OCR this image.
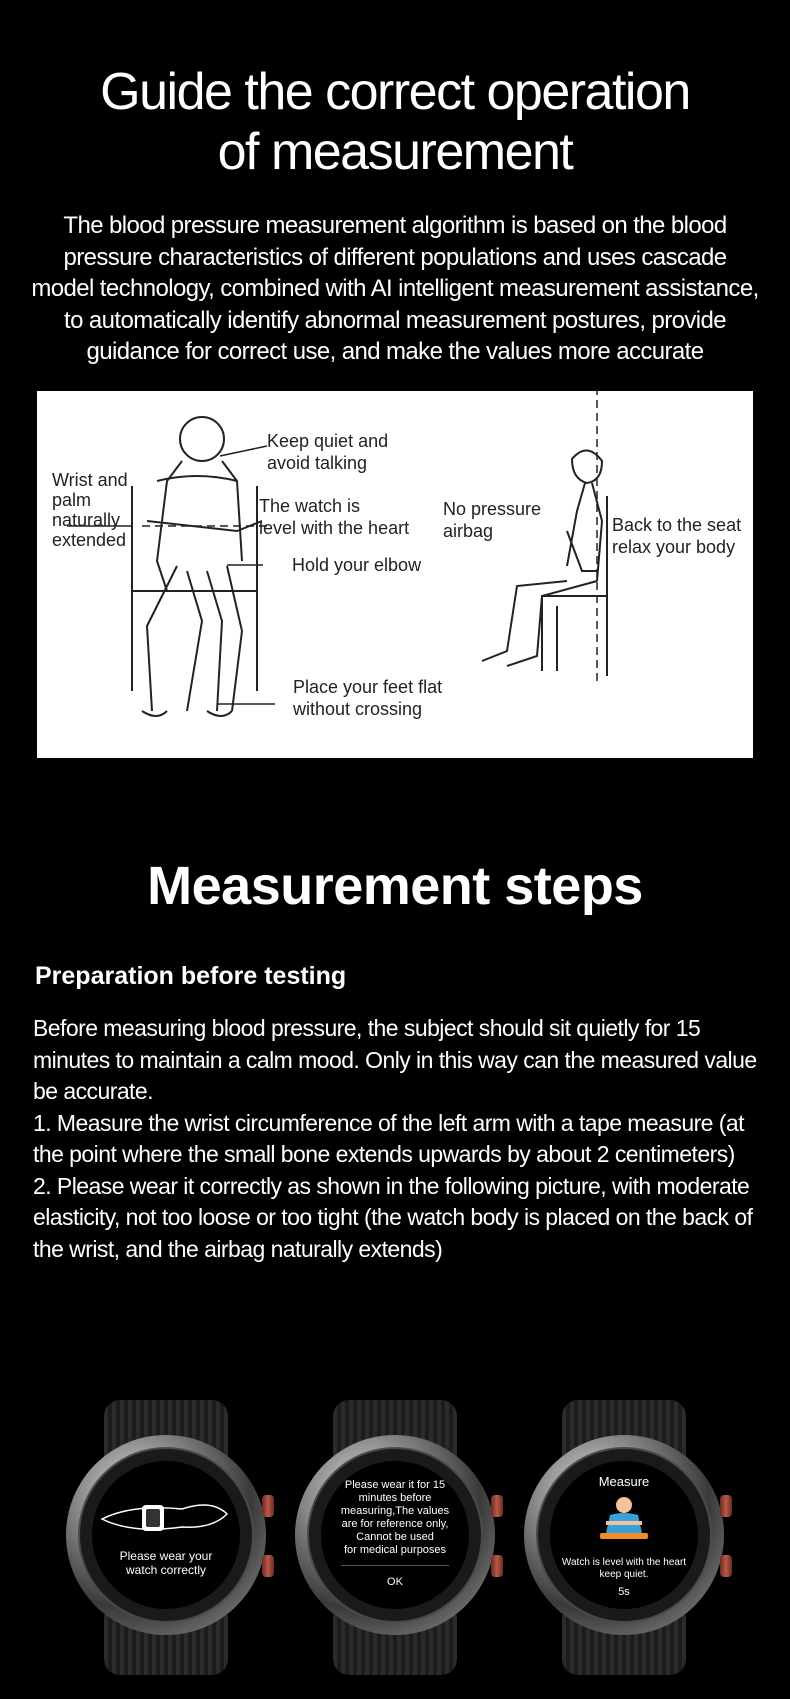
Guide the correct operation
of measurement
The blood pressure measurement algorithm is based on the blood pressure characteristics of different populations and uses cascade model technology, combined with AI intelligent measurement assistance, to automatically identify abnormal measurement postures, provide guidance for correct use, and make the values more accurate
Keep quiet and
avoid talking
Wrist and
palm
naturally
extended
The watch is
level with the heart
No pressure
airbag	Back to the seat
relax your body
Hold your elbow
Place your feet flat
without crossing
Measurement steps
Preparation before testing

Before measuring blood pressure, the subject should sit quietly for 15 minutes to maintain a calm mood. Only in this way can the measured value be accurate.

1. Measure the wrist circumference of the left arm with a tape measure (at the point where the small bone extends upwards by about 2 centimeters)

2. Please wear it correctly as shown in the following picture, with moderate elasticity, not too loose or too tight (the watch body is placed on the back of the wrist, and the airbag naturally extends)

Please wear your
watch correctly
Please wear it for 15
minutes before
measuring,The values
are for reference only,
Cannot be used
for medical purposes
OK
Measure
Watch is level with the heart
keep quiet.
5s
